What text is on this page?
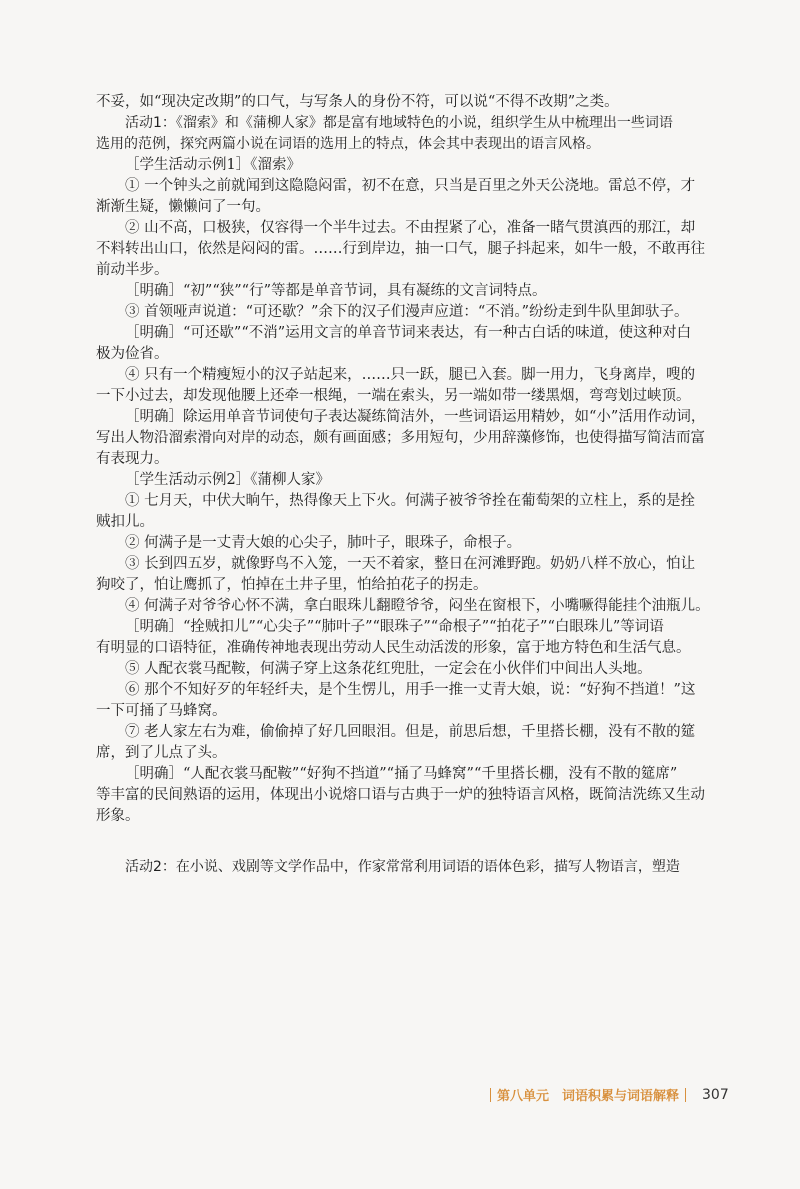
不妥，如“现决定改期”的口气，与写条人的身份不符，可以说“不得不改期”之类。

活动1：《溜索》和《蒲柳人家》都是富有地域特色的小说，组织学生从中梳理出一些词语

选用的范例，探究两篇小说在词语的选用上的特点，体会其中表现出的语言风格。

［学生活动示例1］《溜索》

① 一个钟头之前就闻到这隐隐闷雷，初不在意，只当是百里之外天公浇地。雷总不停，才

渐渐生疑，懒懒问了一句。

② 山不高，口极狭，仅容得一个半牛过去。不由捏紧了心，准备一睹气贯滇西的那江，却

不料转出山口，依然是闷闷的雷。……行到岸边，抽一口气，腿子抖起来，如牛一般，不敢再往

前动半步。

［明确］“初”“狭”“行”等都是单音节词，具有凝练的文言词特点。

③ 首领哑声说道：“可还歇？”余下的汉子们漫声应道：“不消。”纷纷走到牛队里卸驮子。

［明确］“可还歇”“不消”运用文言的单音节词来表达，有一种古白话的味道，使这种对白

极为俭省。

④ 只有一个精瘦短小的汉子站起来，……只一跃，腿已入套。脚一用力，飞身离岸，嗖的

一下小过去，却发现他腰上还牵一根绳，一端在索头，另一端如带一缕黑烟，弯弯划过峡顶。

［明确］除运用单音节词使句子表达凝练简洁外，一些词语运用精妙，如“小”活用作动词，

写出人物沿溜索滑向对岸的动态，颇有画面感；多用短句，少用辞藻修饰，也使得描写简洁而富

有表现力。

［学生活动示例2］《蒲柳人家》

① 七月天，中伏大晌午，热得像天上下火。何满子被爷爷拴在葡萄架的立柱上，系的是拴

贼扣儿。

② 何满子是一丈青大娘的心尖子，肺叶子，眼珠子，命根子。

③ 长到四五岁，就像野鸟不入笼，一天不着家，整日在河滩野跑。奶奶八样不放心，怕让

狗咬了，怕让鹰抓了，怕掉在土井子里，怕给拍花子的拐走。

④ 何满子对爷爷心怀不满，拿白眼珠儿翻瞪爷爷，闷坐在窗根下，小嘴噘得能挂个油瓶儿。

［明确］“拴贼扣儿”“心尖子”“肺叶子”“眼珠子”“命根子”“拍花子”“白眼珠儿”等词语

有明显的口语特征，准确传神地表现出劳动人民生动活泼的形象，富于地方特色和生活气息。

⑤ 人配衣裳马配鞍，何满子穿上这条花红兜肚，一定会在小伙伴们中间出人头地。

⑥ 那个不知好歹的年轻纤夫，是个生愣儿，用手一推一丈青大娘，说：“好狗不挡道！”这

一下可捅了马蜂窝。

⑦ 老人家左右为难，偷偷掉了好几回眼泪。但是，前思后想，千里搭长棚，没有不散的筵

席，到了儿点了头。

［明确］“人配衣裳马配鞍”“好狗不挡道”“捅了马蜂窝”“千里搭长棚，没有不散的筵席”

等丰富的民间熟语的运用，体现出小说熔口语与古典于一炉的独特语言风格，既简洁洗练又生动

形象。

活动2：在小说、戏剧等文学作品中，作家常常利用词语的语体色彩，描写人物语言，塑造

第八单元　词语积累与词语解释 307
